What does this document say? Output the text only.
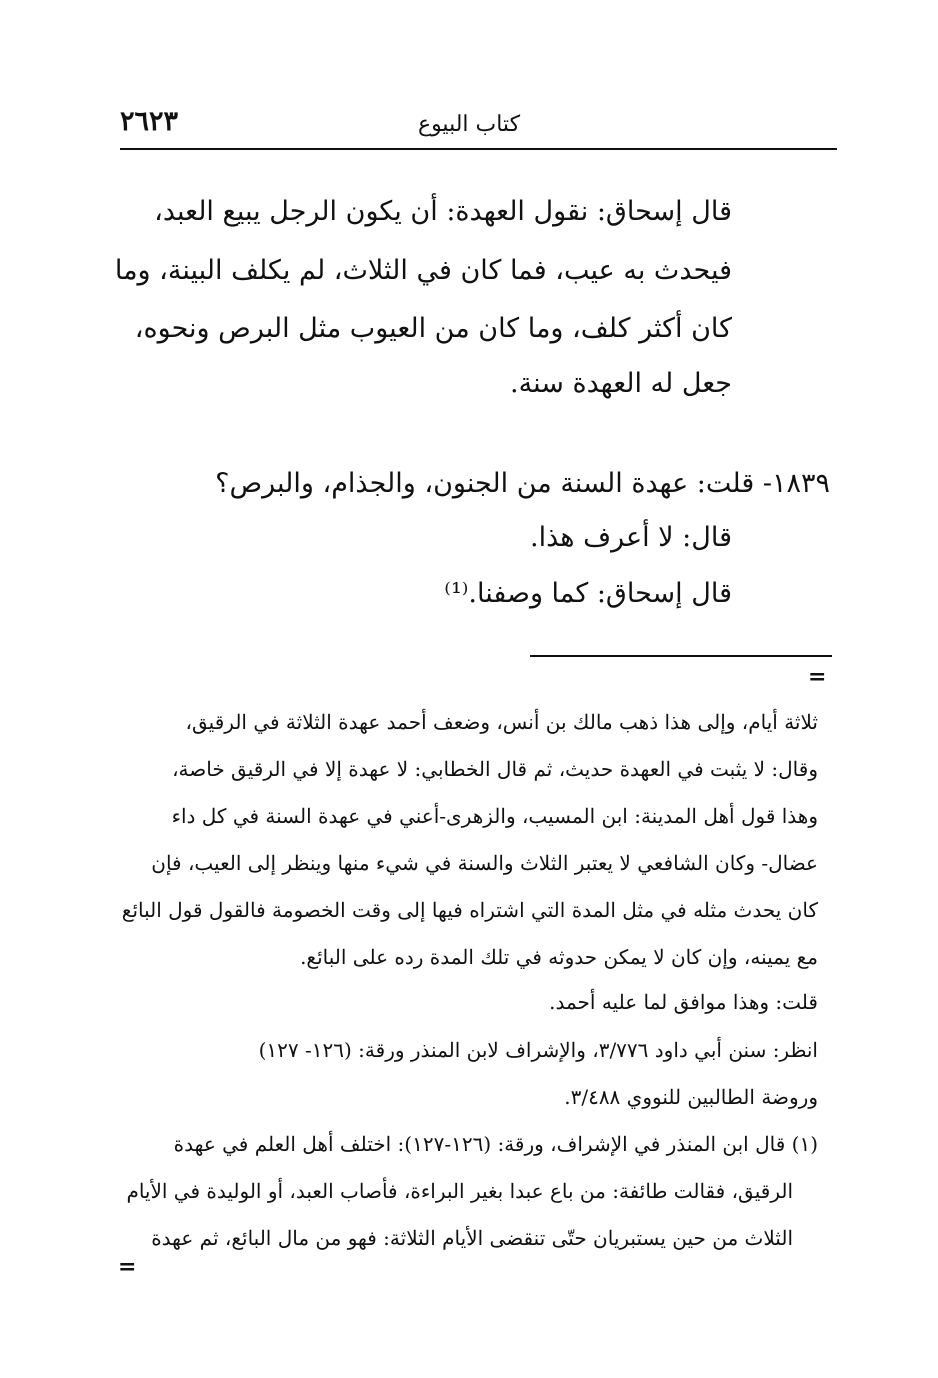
٢٦٢٣	كتاب البيوع
قال إسحاق: نقول العهدة: أن يكون الرجل يبيع العبد،
فيحدث به عيب، فما كان في الثلاث، لم يكلف البينة، وما
كان أكثر كلف، وما كان من العيوب مثل البرص ونحوه،
جعل له العهدة سنة.
١٨٣٩- قلت: عهدة السنة من الجنون، والجذام، والبرص؟
قال: لا أعرف هذا.
قال إسحاق: كما وصفنا.⁽¹⁾
=
ثلاثة أيام، وإلى هذا ذهب مالك بن أنس، وضعف أحمد عهدة الثلاثة في الرقيق،
وقال: لا يثبت في العهدة حديث، ثم قال الخطابي: لا عهدة إلا في الرقيق خاصة،
وهذا قول أهل المدينة: ابن المسيب، والزهرى-أعني في عهدة السنة في كل داء
عضال- وكان الشافعي لا يعتبر الثلاث والسنة في شيء منها وينظر إلى العيب، فإن
كان يحدث مثله في مثل المدة التي اشتراه فيها إلى وقت الخصومة فالقول قول البائع
مع يمينه، وإن كان لا يمكن حدوثه في تلك المدة رده على البائع.
قلت: وهذا موافق لما عليه أحمد.
انظر: سنن أبي داود ٣/٧٧٦، والإشراف لابن المنذر ورقة: (١٢٦- ١٢٧)
وروضة الطالبين للنووي ٣/٤٨٨.
(١) قال ابن المنذر في الإشراف، ورقة: (١٢٦-١٢٧): اختلف أهل العلم في عهدة
الرقيق، فقالت طائفة: من باع عبدا بغير البراءة، فأصاب العبد، أو الوليدة في الأيام
الثلاث من حين يستبريان حتّى تنقضى الأيام الثلاثة: فهو من مال البائع، ثم عهدة
=
